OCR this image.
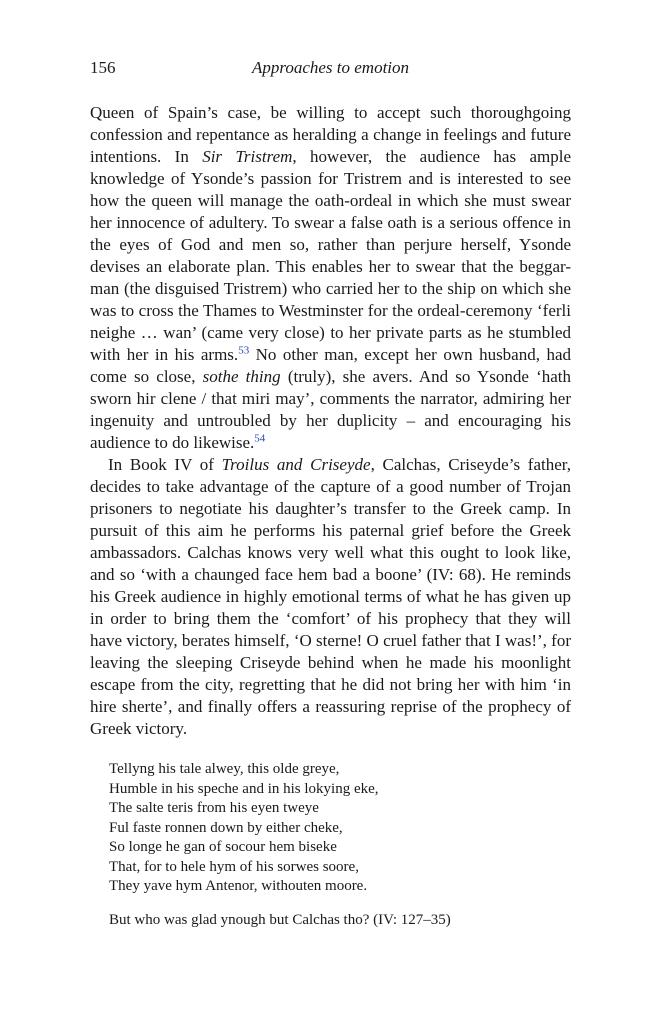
156	Approaches to emotion

Queen of Spain’s case, be willing to accept such thoroughgoing confession and repentance as heralding a change in feelings and future intentions. In Sir Tristrem, however, the audience has ample knowledge of Ysonde’s passion for Tristrem and is interested to see how the queen will manage the oath-ordeal in which she must swear her innocence of adultery. To swear a false oath is a serious offence in the eyes of God and men so, rather than perjure herself, Ysonde devises an elaborate plan. This enables her to swear that the beggar-man (the disguised Tristrem) who carried her to the ship on which she was to cross the Thames to Westminster for the ordeal-ceremony ‘ferli neighe … wan’ (came very close) to her private parts as he stumbled with her in his arms.$^{53}$ No other man, except her own husband, had come so close, sothe thing (truly), she avers. And so Ysonde ‘hath sworn hir clene / that miri may’, comments the narrator, admiring her ingenuity and untroubled by her duplicity – and encouraging his audience to do likewise.$^{54}$

In Book IV of Troilus and Criseyde, Calchas, Criseyde’s father, decides to take advantage of the capture of a good number of Trojan prisoners to negotiate his daughter’s transfer to the Greek camp. In pursuit of this aim he performs his paternal grief before the Greek ambassadors. Calchas knows very well what this ought to look like, and so ‘with a chaunged face hem bad a boone’ (IV: 68). He reminds his Greek audience in highly emotional terms of what he has given up in order to bring them the ‘comfort’ of his prophecy that they will have victory, berates himself, ‘O sterne! O cruel father that I was!’, for leaving the sleeping Criseyde behind when he made his moonlight escape from the city, regretting that he did not bring her with him ‘in hire sherte’, and finally offers a reassuring reprise of the prophecy of Greek victory.

Tellyng his tale alwey, this olde greye,
Humble in his speche and in his lokying eke,
The salte teris from his eyen tweye
Ful faste ronnen down by either cheke,
So longe he gan of socour hem biseke
That, for to hele hym of his sorwes soore,
They yave hym Antenor, withouten moore.
But who was glad ynough but Calchas tho? (IV: 127–35)
